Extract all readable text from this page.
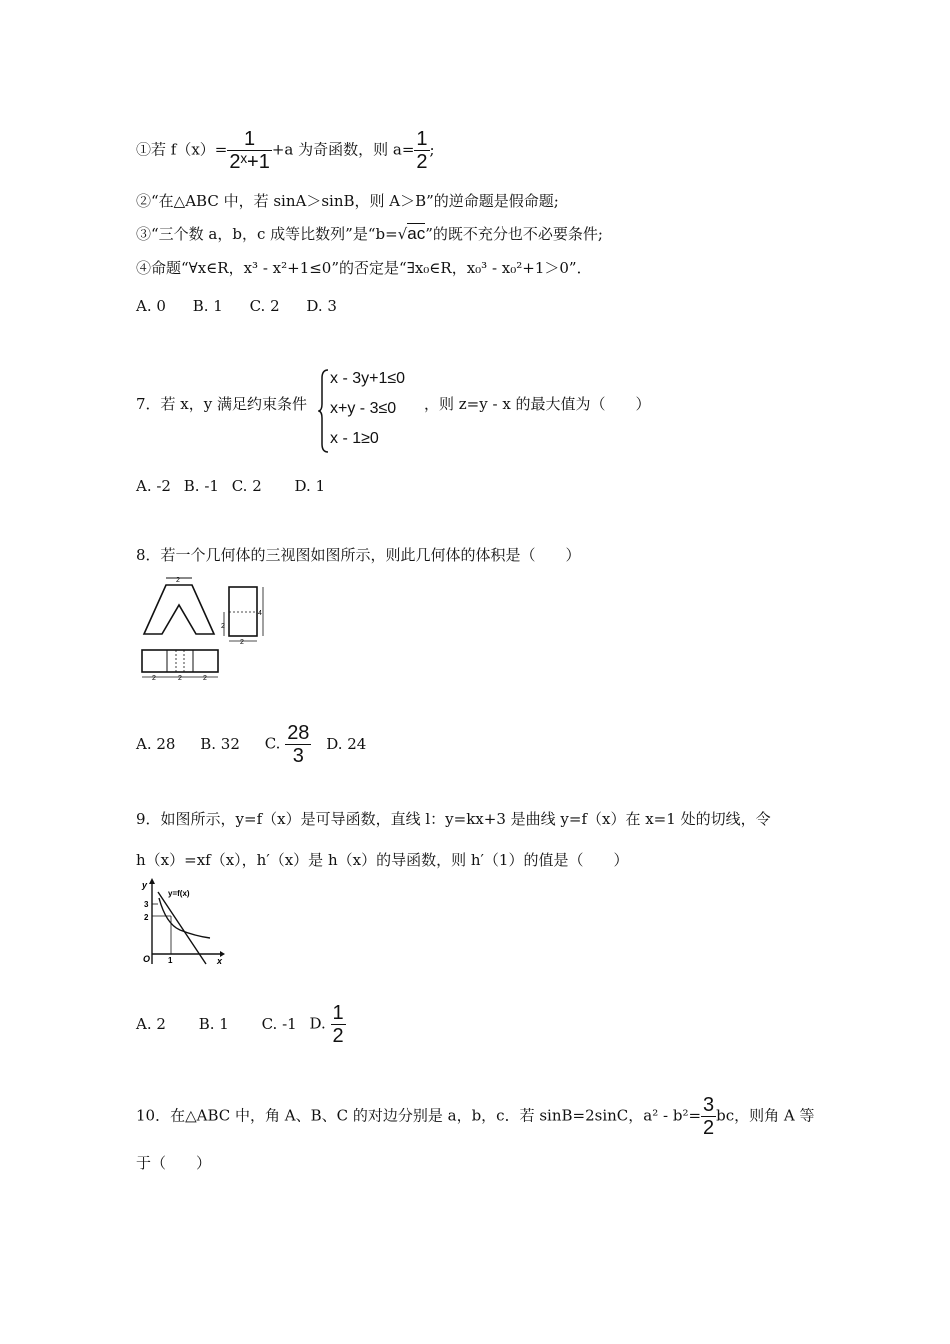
①若 $f(x)= \frac{1}{\text{2ˣ+1}} +a$ 为奇函数，则 $a= \frac{1}{2}$ ;
②“在△ABC 中，若 sinA＞sinB，则 A＞B”的逆命题是假命题;
③“三个数 a，b，c 成等比数列”是“b=√ac”的既不充分也不必要条件;
④命题“∀x∈R，x³ - x²+1≤0”的否定是“∃x₀∈R，x₀³ - x₀²+1＞0”．
A. 0 B. 1 C. 2 D. 3
7．若 x，y 满足约束条件
x - 3y+1≤0
x+y - 3≤0
x - 1≥0
，则 z=y - x 的最大值为（　　）
A. -2 B. -1 C. 2 D. 1
8．若一个几何体的三视图如图所示，则此几何体的体积是（　　）
2
4
2
2
2	2	2
A. 28 B. 32 C. $\frac{28}{3} D$. 24
9．如图所示，y=f（x）是可导函数，直线 l：y=kx+3 是曲线 y=f（x）在 x=1 处的切线，令
h（x）=xf（x），h′（x）是 h（x）的导函数，则 h′（1）的值是（　　）
y
x
O 1
3
2
y=f(x)
A. 2 B. 1 C. -1 D. $\frac{1}{2}$
10．在△ABC 中，角 A、B、C 的对边分别是 a，b，c．若 sinB=2sinC，$a^2 - b^2= \frac{3}{2}$ bc，则角 A 等
于（　　）
